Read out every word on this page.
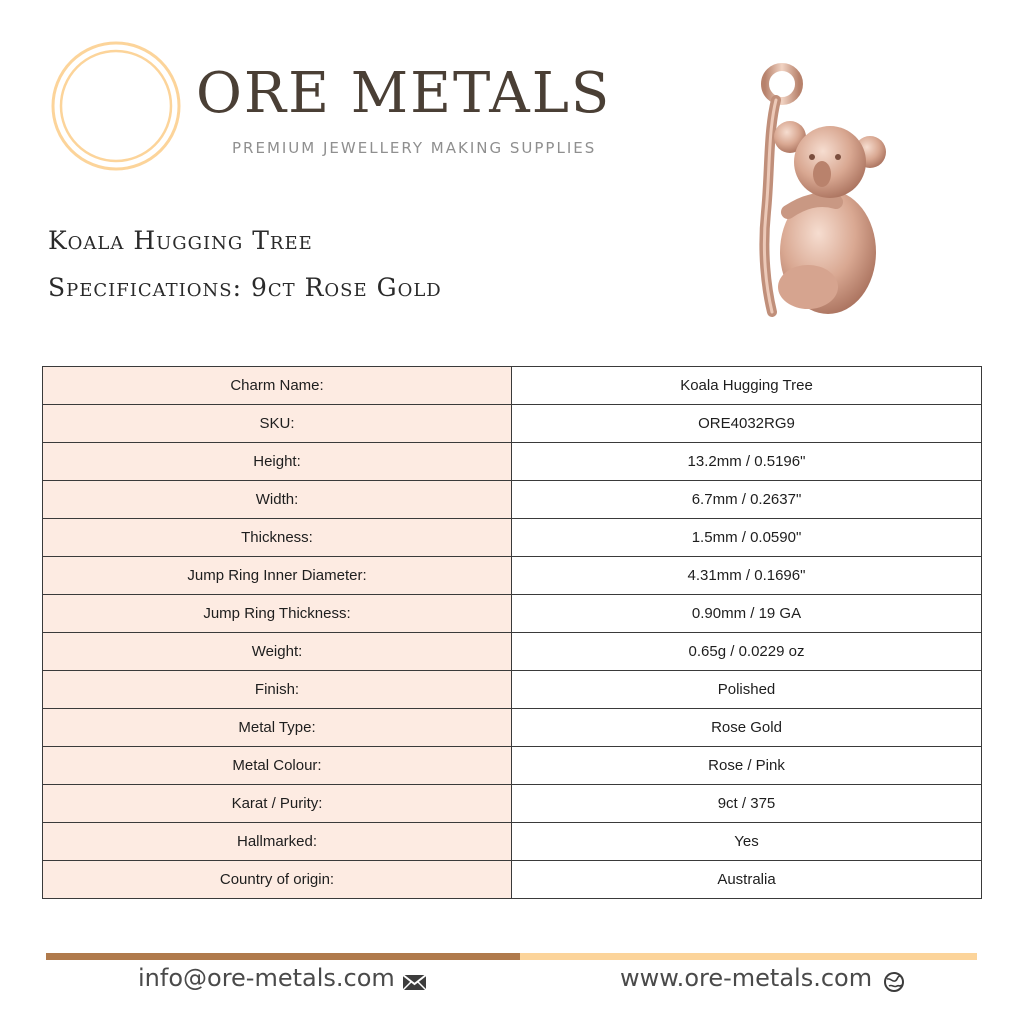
ORE METALS
PREMIUM JEWELLERY MAKING SUPPLIES
Koala Hugging Tree
Specifications: 9ct Rose Gold
Charm Name:	Koala Hugging Tree
SKU:	ORE4032RG9
Height:	13.2mm / 0.5196"
Width:	6.7mm / 0.2637"
Thickness:	1.5mm / 0.0590"
Jump Ring Inner Diameter:	4.31mm / 0.1696"
Jump Ring Thickness:	0.90mm / 19 GA
Weight:	0.65g / 0.0229 oz
Finish:	Polished
Metal Type:	Rose Gold
Metal Colour:	Rose / Pink
Karat / Purity:	9ct / 375
Hallmarked:	Yes
Country of origin:	Australia
info@ore-metals.com	www.ore-metals.com
